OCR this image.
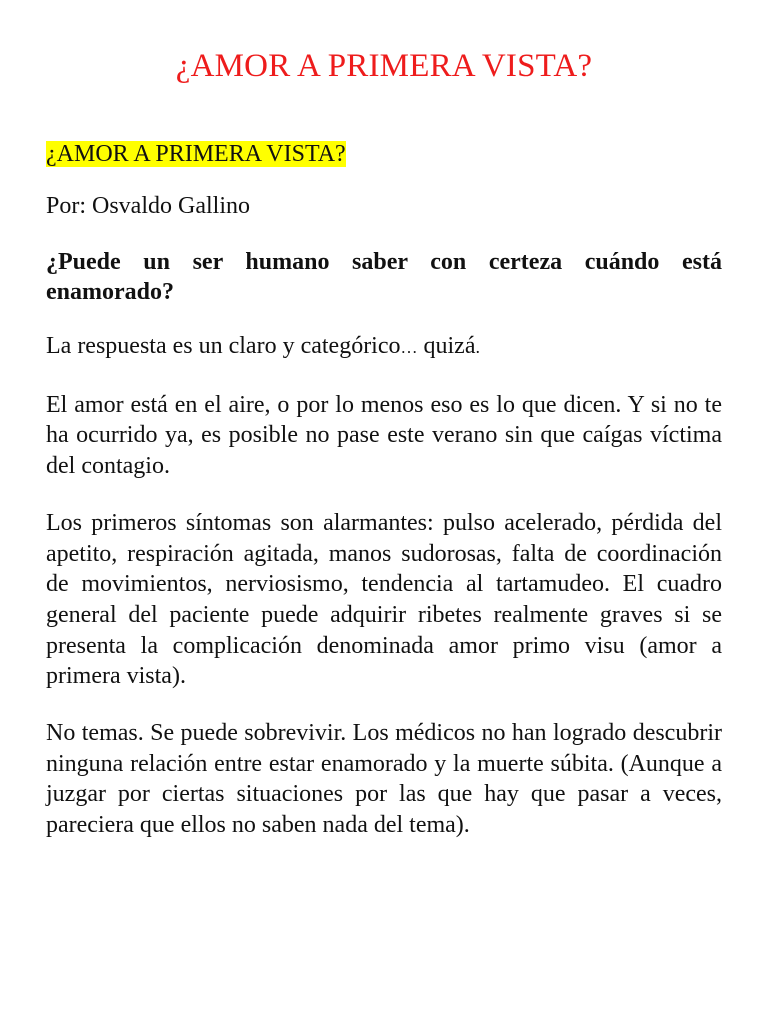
¿AMOR A PRIMERA VISTA?
¿AMOR A PRIMERA VISTA?
Por: Osvaldo Gallino
¿Puede un ser humano saber con certeza cuándo está enamorado?

La respuesta es un claro y categórico… quizá.

El amor está en el aire, o por lo menos eso es lo que dicen. Y si no te ha ocurrido ya, es posible no pase este verano sin que caígas víctima del contagio.

Los primeros síntomas son alarmantes: pulso acelerado, pérdida del apetito, respiración agitada, manos sudorosas, falta de coordinación de movimientos, nerviosismo, tendencia al tartamudeo. El cuadro general del paciente puede adquirir ribetes realmente graves si se presenta la complicación denominada amor primo visu (amor a primera vista).

No temas. Se puede sobrevivir. Los médicos no han logrado descubrir ninguna relación entre estar enamorado y la muerte súbita. (Aunque a juzgar por ciertas situaciones por las que hay que pasar a veces, pareciera que ellos no saben nada del tema).
